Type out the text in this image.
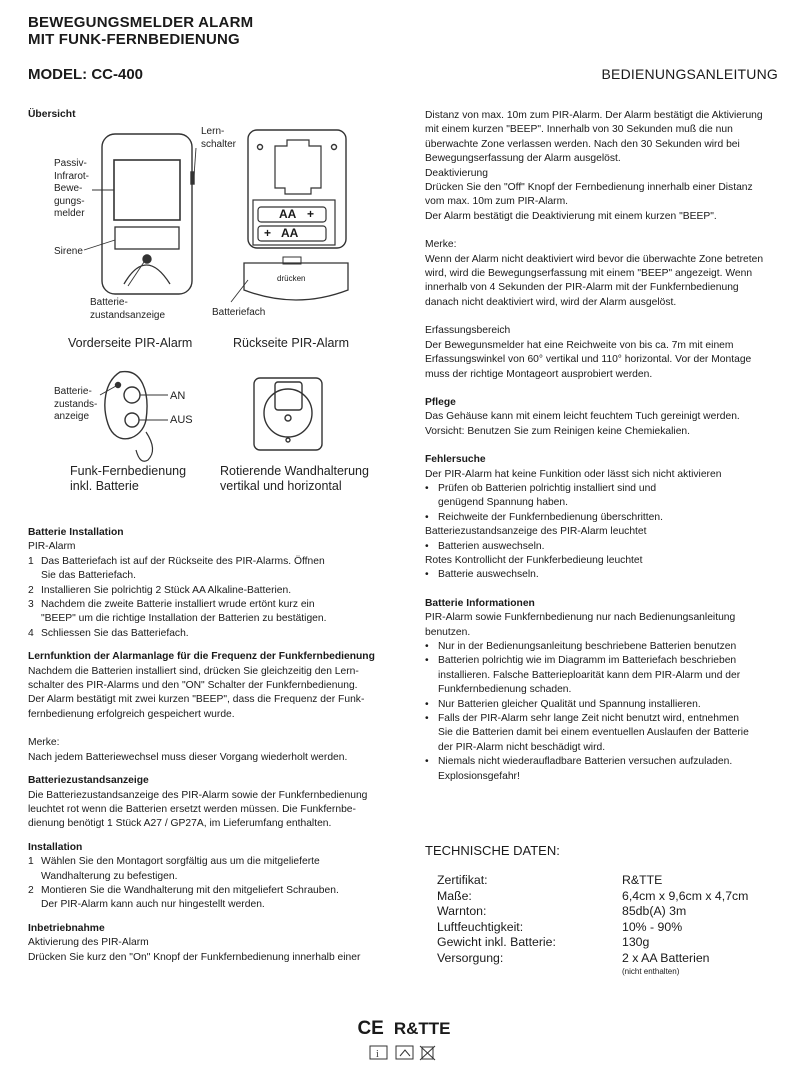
BEWEGUNGSMELDER ALARM
MIT FUNK-FERNBEDIENUNG
MODEL: CC-400	BEDIENUNGSANLEITUNG
Übersicht
Passiv-
Infrarot-
Bewe-
gungs-
melder
Lern-
schalter
Sirene
Batterie-
zustandsanzeige	Batteriefach
AA +
AA
+
drücken
Batterie-
zustands-
anzeige
AN
AUS
Vorderseite PIR-Alarm	Rückseite PIR-Alarm
Funk-Fernbedienung
inkl. Batterie
Rotierende Wandhalterung
vertikal und horizontal

Batterie Installation

PIR-Alarm

1 Das Batteriefach ist auf der Rückseite des PIR-Alarms. Öffnen

Sie das Batteriefach.

2 Installieren Sie polrichtig 2 Stück AA Alkaline-Batterien.

3 Nachdem die zweite Batterie installiert wrude ertönt kurz ein

"BEEP" um die richtige Installation der Batterien zu bestätigen.

4 Schliessen Sie das Batteriefach.

Lernfunktion der Alarmanlage für die Frequenz der Funkfernbedienung

Nachdem die Batterien installiert sind, drücken Sie gleichzeitig den Lern-

schalter des PIR-Alarms und den "ON" Schalter der Funkfernbedienung.

Der Alarm bestätigt mit zwei kurzen "BEEP", dass die Frequenz der Funk-

fernbedienung erfolgreich gespeichert wurde.

Merke:

Nach jedem Batteriewechsel muss dieser Vorgang wiederholt werden.

Batteriezustandsanzeige

Die Batteriezustandsanzeige des PIR-Alarm sowie der Funkfernbedienung

leuchtet rot wenn die Batterien ersetzt werden müssen. Die Funkfernbe-

dienung benötigt 1 Stück A27 / GP27A, im Lieferumfang enthalten.

Installation

1 Wählen Sie den Montagort sorgfältig aus um die mitgelieferte

Wandhalterung zu befestigen.

2 Montieren Sie die Wandhalterung mit den mitgeliefert Schrauben.

Der PIR-Alarm kann auch nur hingestellt werden.

Inbetriebnahme

Aktivierung des PIR-Alarm

Drücken Sie kurz den "On" Knopf der Funkfernbedienung innerhalb einer

Distanz von max. 10m zum PIR-Alarm. Der Alarm bestätigt die Aktivierung

mit einem kurzen "BEEP". Innerhalb von 30 Sekunden muß die nun

überwachte Zone verlassen werden. Nach den 30 Sekunden wird bei

Bewegungserfassung der Alarm ausgelöst.

Deaktivierung

Drücken Sie den "Off" Knopf der Fernbedienung innerhalb einer Distanz

vom max. 10m zum PIR-Alarm.

Der Alarm bestätigt die Deaktivierung mit einem kurzen "BEEP".

Merke:

Wenn der Alarm nicht deaktiviert wird bevor die überwachte Zone betreten

wird, wird die Bewegungserfassung mit einem "BEEP" angezeigt. Wenn

innerhalb von 4 Sekunden der PIR-Alarm mit der Funkfernbedienung

danach nicht deaktiviert wird, wird der Alarm ausgelöst.

Erfassungsbereich

Der Bewegunsmelder hat eine Reichweite von bis ca. 7m mit einem

Erfassungswinkel von 60° vertikal und 110° horizontal. Vor der Montage

muss der richtige Montageort ausprobiert werden.

Pflege

Das Gehäuse kann mit einem leicht feuchtem Tuch gereinigt werden.

Vorsicht: Benutzen Sie zum Reinigen keine Chemiekalien.

Fehlersuche

Der PIR-Alarm hat keine Funkition oder lässt sich nicht aktivieren

• Prüfen ob Batterien polrichtig installiert sind und

genügend Spannung haben.

• Reichweite der Funkfernbedienung überschritten.

Batteriezustandsanzeige des PIR-Alarm leuchtet

• Batterien auswechseln.

Rotes Kontrollicht der Funkferbedieung leuchtet

• Batterie auswechseln.

Batterie Informationen

PIR-Alarm sowie Funkfernbedienung nur nach Bedienungsanleitung

benutzen.

• Nur in der Bedienungsanleitung beschriebene Batterien benutzen

• Batterien polrichtig wie im Diagramm im Batteriefach beschrieben

installieren. Falsche Batterieploarität kann dem PIR-Alarm und der

Funkfernbedienung schaden.

• Nur Batterien gleicher Qualität und Spannung installieren.

• Falls der PIR-Alarm sehr lange Zeit nicht benutzt wird, entnehmen

Sie die Batterien damit bei einem eventuellen Auslaufen der Batterie

der PIR-Alarm nicht beschädigt wird.

• Niemals nicht wiederaufladbare Batterien versuchen aufzuladen.

Explosionsgefahr!

TECHNISCHE DATEN:
Zertifikat:	R&TTE
Maße:	6,4cm x 9,6cm x 4,7cm
Warnton:	85db(A) 3m
Luftfeuchtigkeit:	10% - 90%
Gewicht inkl. Batterie:	130g
Versorgung:	2 x AA Batterien
(nicht enthalten)
CE R&TTE
i
